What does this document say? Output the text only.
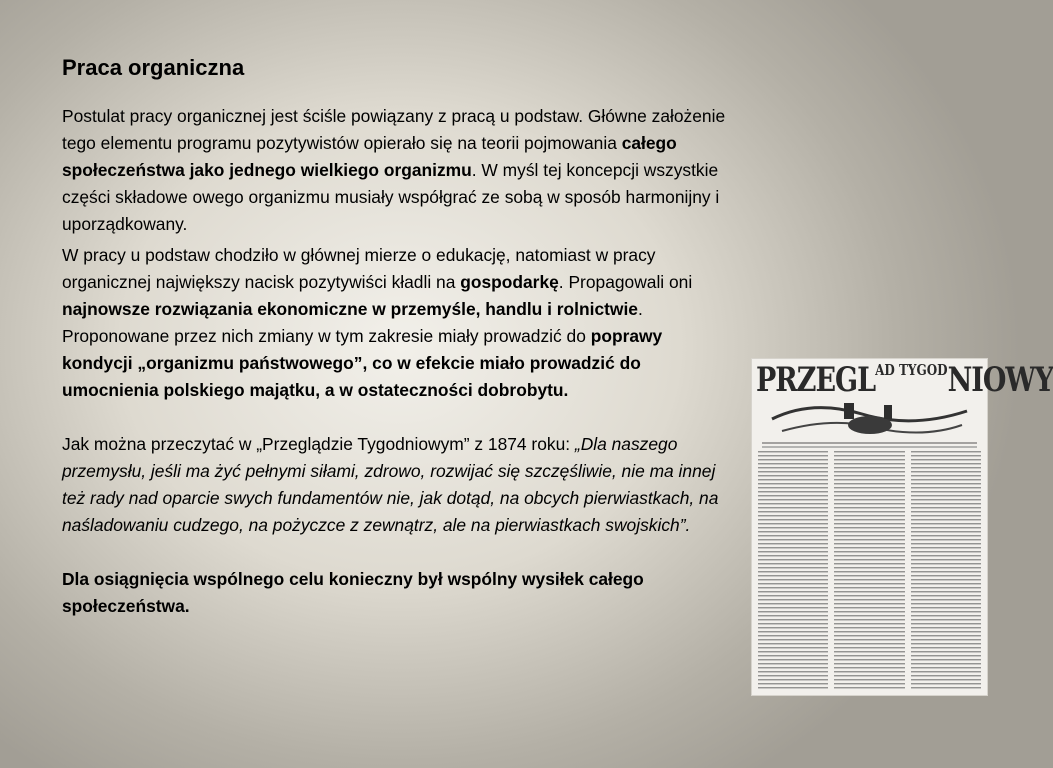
Praca organiczna

Postulat pracy organicznej jest ściśle powiązany z pracą u podstaw. Główne założenie tego elementu programu pozytywistów opierało się na teorii pojmowania całego społeczeństwa jako jednego wielkiego organizmu. W myśl tej koncepcji wszystkie części składowe owego organizmu musiały współgrać ze sobą w sposób harmonijny i uporządkowany.

W pracy u podstaw chodziło w głównej mierze o edukację, natomiast w pracy organicznej największy nacisk pozytywiści kładli na gospodarkę. Propagowali oni najnowsze rozwiązania ekonomiczne w przemyśle, handlu i rolnictwie. Proponowane przez nich zmiany w tym zakresie miały prowadzić do poprawy kondycji „organizmu państwowego”, co w efekcie miało prowadzić do umocnienia polskiego majątku, a w ostateczności dobrobytu.

Jak można przeczytać w „Przeglądzie Tygodniowym” z 1874 roku: „Dla naszego przemysłu, jeśli ma żyć pełnymi siłami, zdrowo, rozwijać się szczęśliwie, nie ma innej też rady nad oparcie swych fundamentów nie, jak dotąd, na obcych pierwiastkach, na naśladowaniu cudzego, na pożyczce z zewnątrz, ale na pierwiastkach swojskich”.

Dla osiągnięcia wspólnego celu konieczny był wspólny wysiłek całego społeczeństwa.

$PRZEGL^{AD TYGOD}NIOWY$
